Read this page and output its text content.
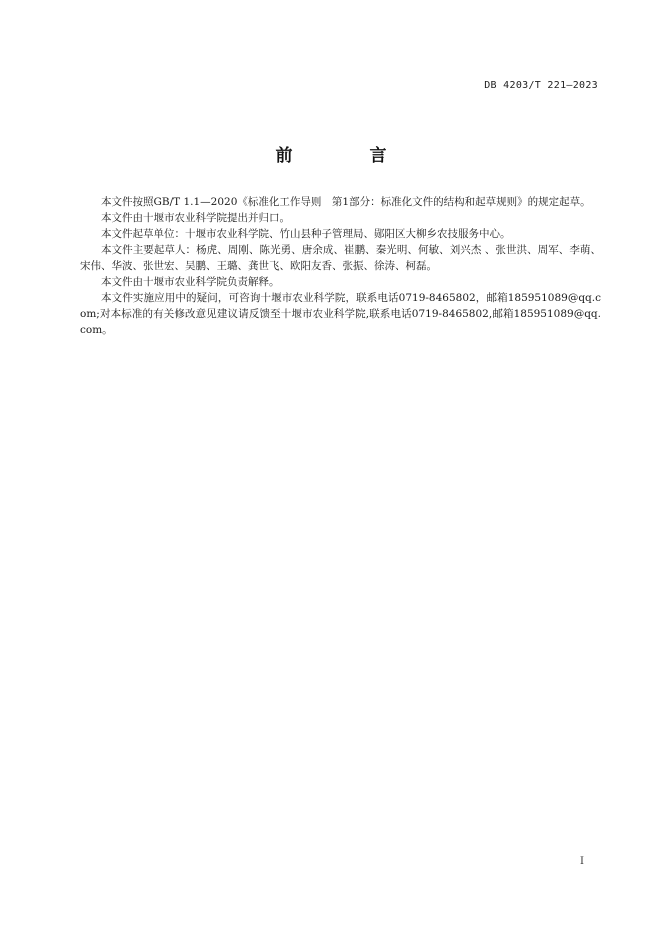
DB 4203/T 221—2023
前　言

本文件按照GB/T 1.1—2020《标准化工作导则　第1部分：标准化文件的结构和起草规则》的规定起草。

本文件由十堰市农业科学院提出并归口。

本文件起草单位：十堰市农业科学院、竹山县种子管理局、郧阳区大柳乡农技服务中心。

本文件主要起草人：杨虎、周刚、陈光勇、唐余成、崔鹏、秦光明、何敏、刘兴杰 、张世洪、周军、李萌、宋伟、华波、张世宏、吴鹏、王璐、龚世飞、欧阳友香、张振、徐涛、柯磊。

本文件由十堰市农业科学院负责解释。

本文件实施应用中的疑问，可咨询十堰市农业科学院，联系电话0719-8465802，邮箱185951089@qq.com;对本标准的有关修改意见建议请反馈至十堰市农业科学院,联系电话0719-8465802,邮箱185951089@qq.com。

I
